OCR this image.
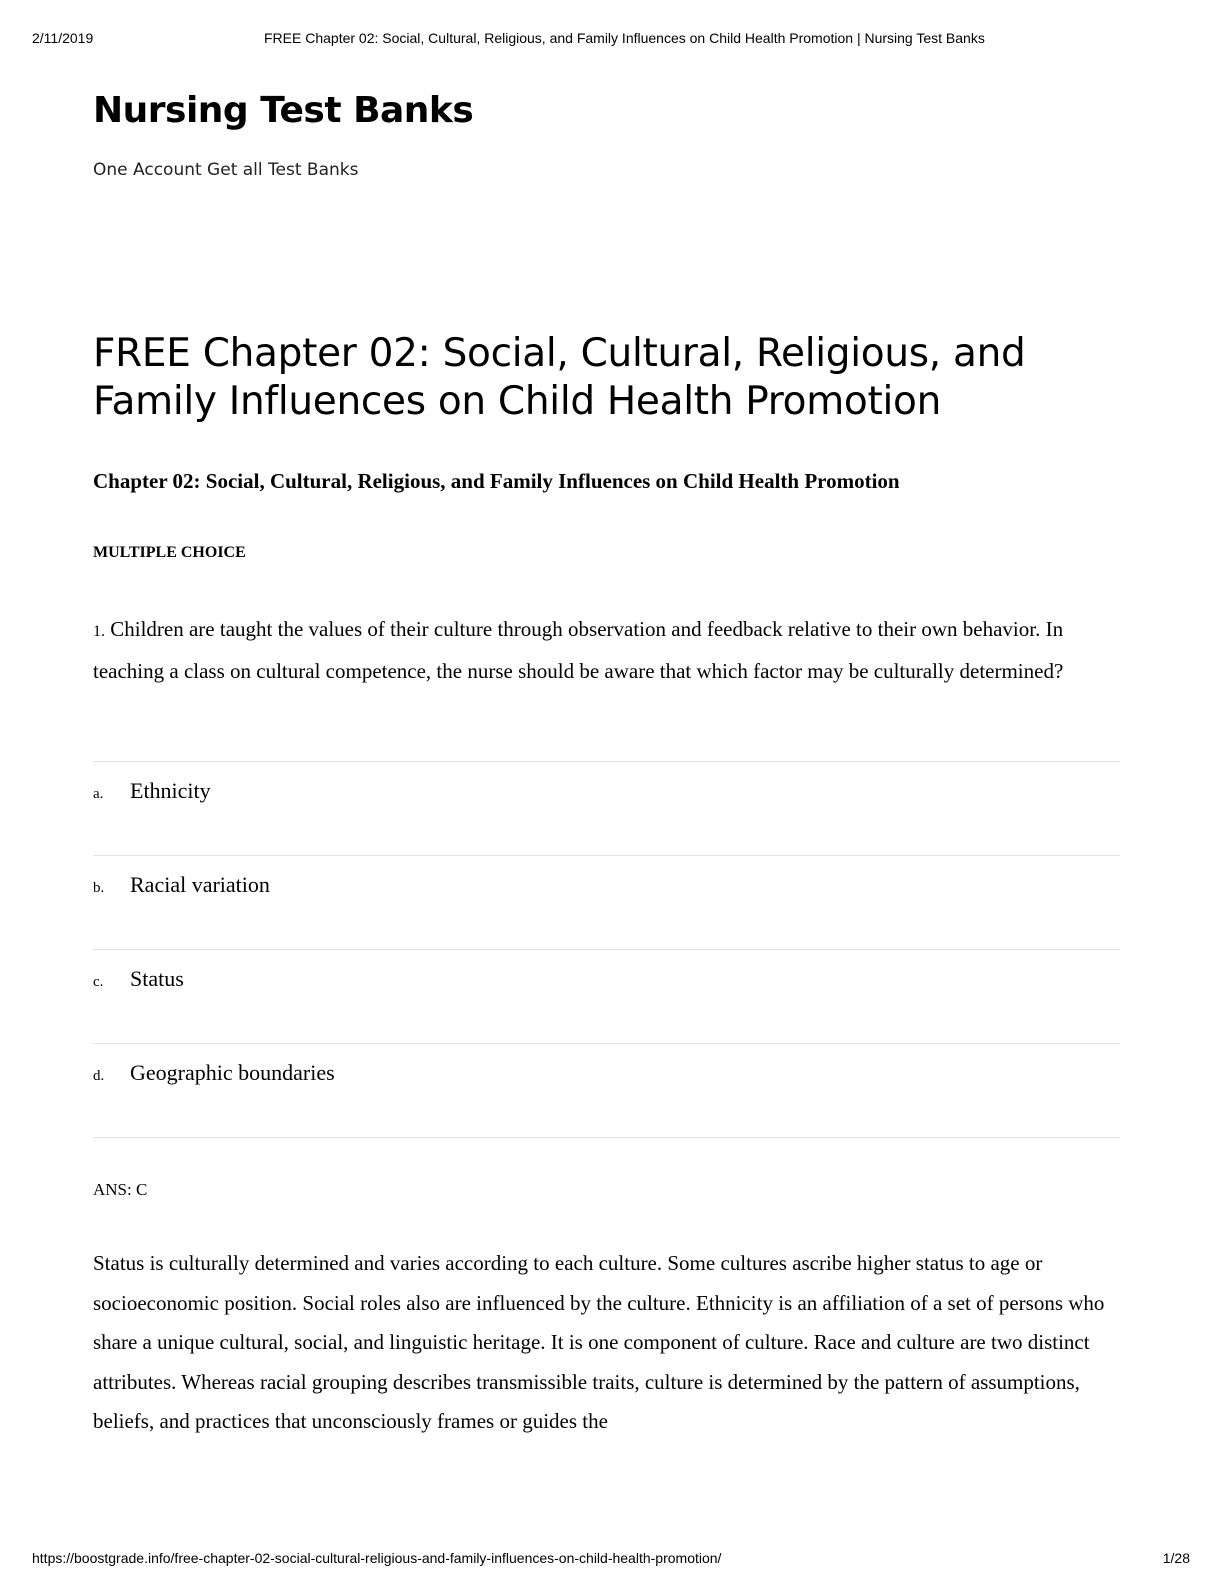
2/11/2019	FREE Chapter 02: Social, Cultural, Religious, and Family Influences on Child Health Promotion | Nursing Test Banks
Nursing Test Banks

One Account Get all Test Banks

FREE Chapter 02: Social, Cultural, Religious, and Family Influences on Child Health Promotion
Chapter 02: Social, Cultural, Religious, and Family Influences on Child Health Promotion

MULTIPLE CHOICE

1. Children are taught the values of their culture through observation and feedback relative to their own behavior. In teaching a class on cultural competence, the nurse should be aware that which factor may be culturally determined?

a. Ethnicity
b. Racial variation
c. Status
d. Geographic boundaries

ANS: C

Status is culturally determined and varies according to each culture. Some cultures ascribe higher status to age or socioeconomic position. Social roles also are influenced by the culture. Ethnicity is an affiliation of a set of persons who share a unique cultural, social, and linguistic heritage. It is one component of culture. Race and culture are two distinct attributes. Whereas racial grouping describes transmissible traits, culture is determined by the pattern of assumptions, beliefs, and practices that unconsciously frames or guides the

https://boostgrade.info/free-chapter-02-social-cultural-religious-and-family-influences-on-child-health-promotion/	1/28
